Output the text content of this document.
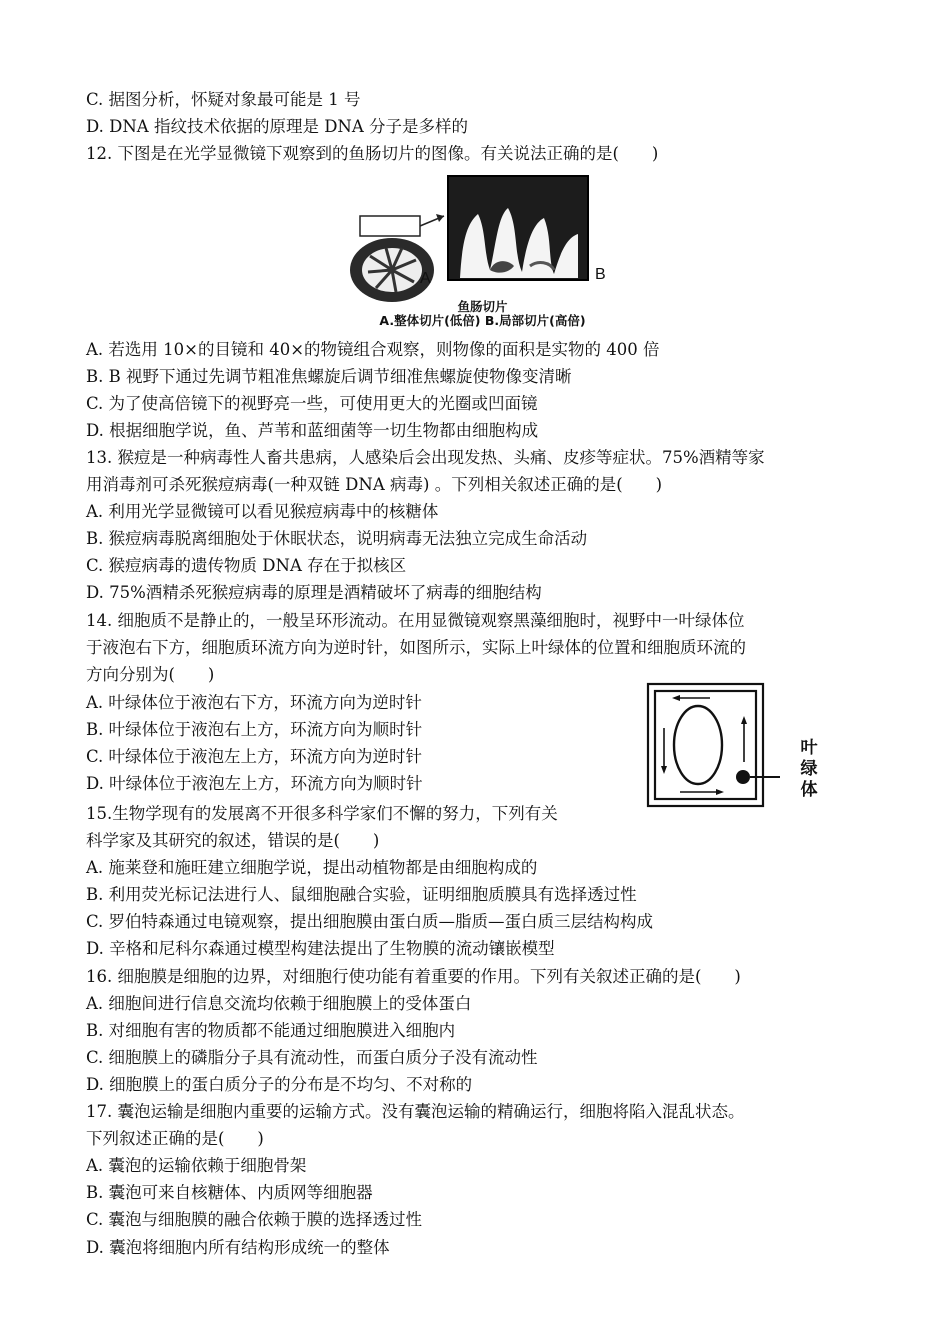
C. 据图分析，怀疑对象最可能是 1 号
D. DNA 指纹技术依据的原理是 DNA 分子是多样的
12. 下图是在光学显微镜下观察到的鱼肠切片的图像。有关说法正确的是(　　)
A	B
鱼肠切片
A.整体切片(低倍) B.局部切片(高倍)
A. 若选用 10×的目镜和 40×的物镜组合观察，则物像的面积是实物的 400 倍
B. B 视野下通过先调节粗准焦螺旋后调节细准焦螺旋使物像变清晰
C. 为了使高倍镜下的视野亮一些，可使用更大的光圈或凹面镜
D. 根据细胞学说，鱼、芦苇和蓝细菌等一切生物都由细胞构成
13. 猴痘是一种病毒性人畜共患病，人感染后会出现发热、头痛、皮疹等症状。75%酒精等家
用消毒剂可杀死猴痘病毒(一种双链 DNA 病毒) 。下列相关叙述正确的是(　　)
A. 利用光学显微镜可以看见猴痘病毒中的核糖体
B. 猴痘病毒脱离细胞处于休眠状态，说明病毒无法独立完成生命活动
C. 猴痘病毒的遗传物质 DNA 存在于拟核区
D. 75%酒精杀死猴痘病毒的原理是酒精破坏了病毒的细胞结构
14. 细胞质不是静止的，一般呈环形流动。在用显微镜观察黑藻细胞时，视野中一叶绿体位
于液泡右下方，细胞质环流方向为逆时针，如图所示，实际上叶绿体的位置和细胞质环流的
方向分别为(　　)
A. 叶绿体位于液泡右下方，环流方向为逆时针
B. 叶绿体位于液泡右上方，环流方向为顺时针
C. 叶绿体位于液泡左上方，环流方向为逆时针
D. 叶绿体位于液泡左上方，环流方向为顺时针
叶
绿
体
15.生物学现有的发展离不开很多科学家们不懈的努力，下列有关
科学家及其研究的叙述，错误的是(　　)
A. 施莱登和施旺建立细胞学说，提出动植物都是由细胞构成的
B. 利用荧光标记法进行人、鼠细胞融合实验，证明细胞质膜具有选择透过性
C. 罗伯特森通过电镜观察，提出细胞膜由蛋白质—脂质—蛋白质三层结构构成
D. 辛格和尼科尔森通过模型构建法提出了生物膜的流动镶嵌模型
16. 细胞膜是细胞的边界，对细胞行使功能有着重要的作用。下列有关叙述正确的是(　　)
A. 细胞间进行信息交流均依赖于细胞膜上的受体蛋白
B. 对细胞有害的物质都不能通过细胞膜进入细胞内
C. 细胞膜上的磷脂分子具有流动性，而蛋白质分子没有流动性
D. 细胞膜上的蛋白质分子的分布是不均匀、不对称的
17. 囊泡运输是细胞内重要的运输方式。没有囊泡运输的精确运行，细胞将陷入混乱状态。
下列叙述正确的是(　　)
A. 囊泡的运输依赖于细胞骨架
B. 囊泡可来自核糖体、内质网等细胞器
C. 囊泡与细胞膜的融合依赖于膜的选择透过性
D. 囊泡将细胞内所有结构形成统一的整体
